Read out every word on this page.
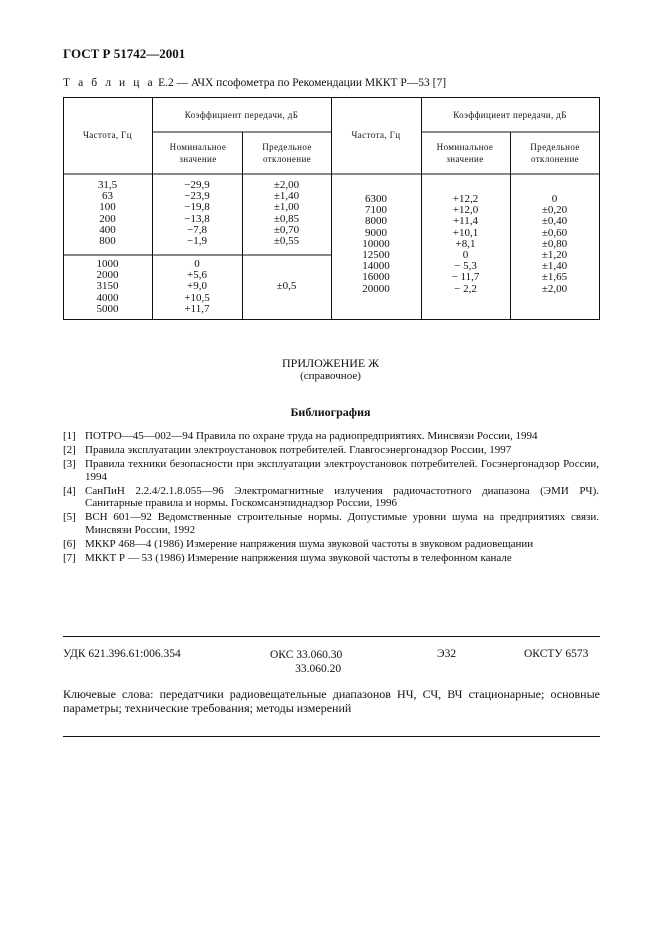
ГОСТ Р 51742—2001
Т а б л и ц а Е.2 — АЧХ псофометра по Рекомендации МККТ Р—53 [7]
Частота, Гц
Коэффициент передачи, дБ
Номинальное значение
Предельное отклонение
Частота, Гц
Коэффициент передачи, дБ
Номинальное значение
Предельное отклонение
31,5
63
100
200
400
800
−29,9
−23,9
−19,8
−13,8
−7,8
−1,9
±2,00
±1,40
±1,00
±0,85
±0,70
±0,55
1000
2000
3150
4000
5000
0
+5,6
+9,0
+10,5
+11,7
±0,5
6300
7100
8000
9000
10000
12500
14000
16000
20000
+12,2
+12,0
+11,4
+10,1
+8,1
0
− 5,3
− 11,7
− 2,2
0
±0,20
±0,40
±0,60
±0,80
±1,20
±1,40
±1,65
±2,00
ПРИЛОЖЕНИЕ Ж
(справочное)
Библиография
[1] ПОТРО—45—002—94 Правила по охране труда на радиопредприятиях. Минсвязи России, 1994
[2] Правила эксплуатации электроустановок потребителей. Главгосэнергонадзор России, 1997
[3] Правила техники безопасности при эксплуатации электроустановок потребителей. Госэнергонадзор России, 1994
[4] СанПиН 2.2.4/2.1.8.055—96 Электромагнитные излучения радиочастотного диапазона (ЭМИ РЧ). Санитарные правила и нормы. Госкомсанэпиднадзор России, 1996
[5] ВСН 601—92 Ведомственные строительные нормы. Допустимые уровни шума на предприятиях связи. Минсвязи России, 1992
[6] МККР 468—4 (1986) Измерение напряжения шума звуковой частоты в звуковом радиовещании
[7] МККТ Р — 53 (1986) Измерение напряжения шума звуковой частоты в телефонном канале
УДК 621.396.61:006.354	ОКС 33.060.30
33.060.20
Э32	ОКСТУ 6573
Ключевые слова: передатчики радиовещательные диапазонов НЧ, СЧ, ВЧ стационарные; основные параметры; технические требования; методы измерений
